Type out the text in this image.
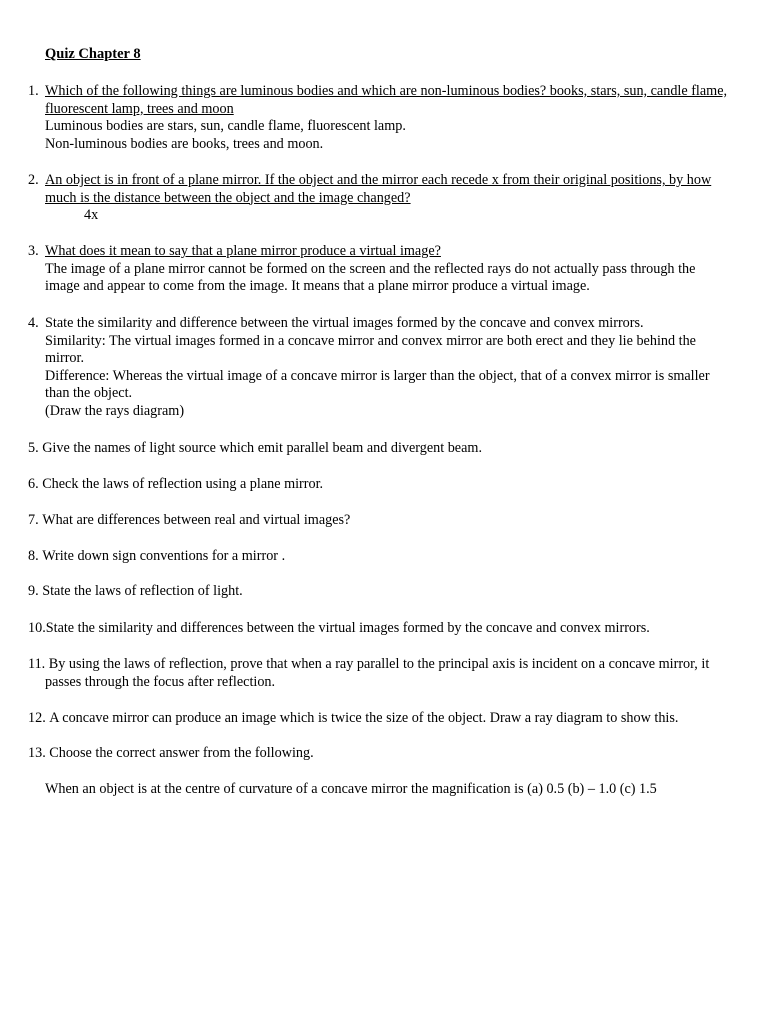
Quiz Chapter 8
1. Which of the following things are luminous bodies and which are non-luminous bodies? books, stars, sun, candle flame, fluorescent lamp, trees and moon
Luminous bodies are stars, sun, candle flame, fluorescent lamp.
Non-luminous bodies are books, trees and moon.
2. An object is in front of a plane mirror. If the object and the mirror each recede x from their original positions, by how much is the distance between the object and the image changed?
4x
3. What does it mean to say that a plane mirror produce a virtual image?
The image of a plane mirror cannot be formed on the screen and the reflected rays do not actually pass through the image and appear to come from the image. It means that a plane mirror produce a virtual image.
4. State the similarity and difference between the virtual images formed by the concave and convex mirrors.
Similarity: The virtual images formed in a concave mirror and convex mirror are both erect and they lie behind the mirror.
Difference: Whereas the virtual image of a concave mirror is larger than the object, that of a convex mirror is smaller than the object.
(Draw the rays diagram)
5.
Give the names of light source which emit parallel beam and divergent beam.
6.
Check the laws of reflection using a plane mirror.
7.
What are differences between real and virtual images?
8.
Write down sign conventions for a mirror .
9.
State the laws of reflection of light.
10. State the similarity and differences between the virtual images formed by the concave and convex mirrors.
11. By using the laws of reflection, prove that when a ray parallel to the principal axis is incident on a concave mirror, it passes through the focus after reflection.
12.
A concave mirror can produce an image which is twice the size of the object. Draw a ray diagram to show this.
13.
Choose the correct answer from the following.
When an object is at the centre of curvature of a concave mirror the magnification is (a) 0.5 (b) – 1.0 (c) 1.5
